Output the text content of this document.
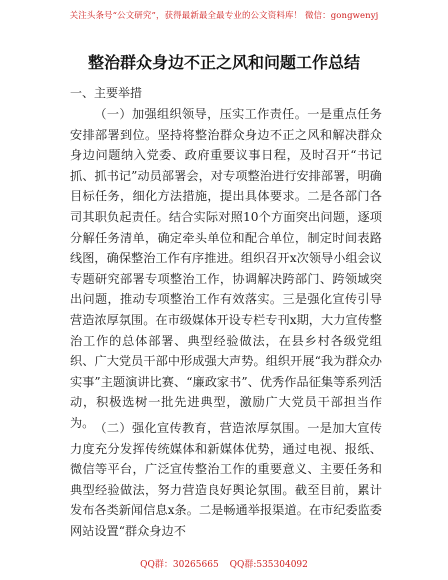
关注头条号“公文研究”，获得最新最全最专业的公文资料库！ 微信：gongwenyj
整治群众身边不正之风和问题工作总结
一、主要举措
（一）加强组织领导，压实工作责任。一是重点任务安排部署到位。坚持将整治群众身边不正之风和解决群众身边问题纳入党委、政府重要议事日程，及时召开“书记抓、抓书记”动员部署会，对专项整治进行安排部署，明确目标任务，细化方法措施，提出具体要求。二是各部门各司其职负起责任。结合实际对照10个方面突出问题，逐项分解任务清单，确定牵头单位和配合单位，制定时间表路线图，确保整治工作有序推进。组织召开x次领导小组会议专题研究部署专项整治工作，协调解决跨部门、跨领域突出问题，推动专项整治工作有效落实。三是强化宣传引导营造浓厚氛围。在市级媒体开设专栏专刊x期，大力宣传整治工作的总体部署、典型经验做法，在县乡村各级党组织、广大党员干部中形成强大声势。组织开展“我为群众办实事”主题演讲比赛、“廉政家书”、优秀作品征集等系列活动，积极选树一批先进典型，激励广大党员干部担当作为。 （二）强化宣传教育，营造浓厚氛围。一是加大宣传力度充分发挥传统媒体和新媒体优势，通过电视、报纸、微信等平台，广泛宣传整治工作的重要意义、主要任务和典型经验做法，努力营造良好舆论氛围。截至目前，累计发布各类新闻信息x条。二是畅通举报渠道。在市纪委监委网站设置“群众身边不
QQ群：30265665 QQ群:535304092
